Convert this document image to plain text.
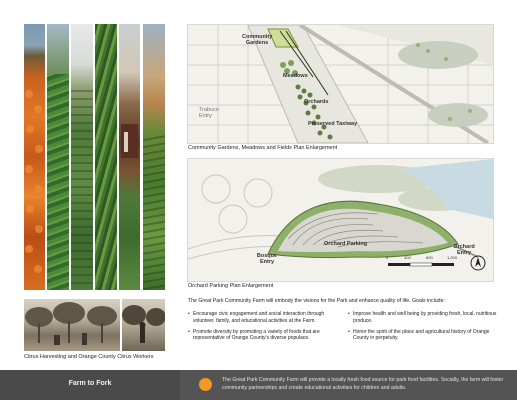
Citrus Harvesting and Orange County Citrus Workers
Community Gardens
Meadows
Orchards
Trabuco Entry
Preserved Taxiway
Community Gardens, Meadows and Fields Plan Enlargement
Orchard Parking
Bosque Entry
Orchard Entry
0	300	600	1,200
Orchard Parking Plan Enlargement
The Great Park Community Farm will embody the visions for the Park and enhance quality of life. Goals include:
• Encourage civic engagement and social interaction through volunteer, family, and educational activities at the Farm.
• Promote diversity by promoting a variety of foods that are representative of Orange County's diverse populace.
• Improve health and well being by providing fresh, local, nutritious produce.
• Honor the spirit of the place and agricultural history of Orange County in perpetuity.
Farm to Fork	The Great Park Community Farm will provide a locally fresh food source for park food facilities. Socially, the farm will foster community partnerships and create educational activities for children and adults.
